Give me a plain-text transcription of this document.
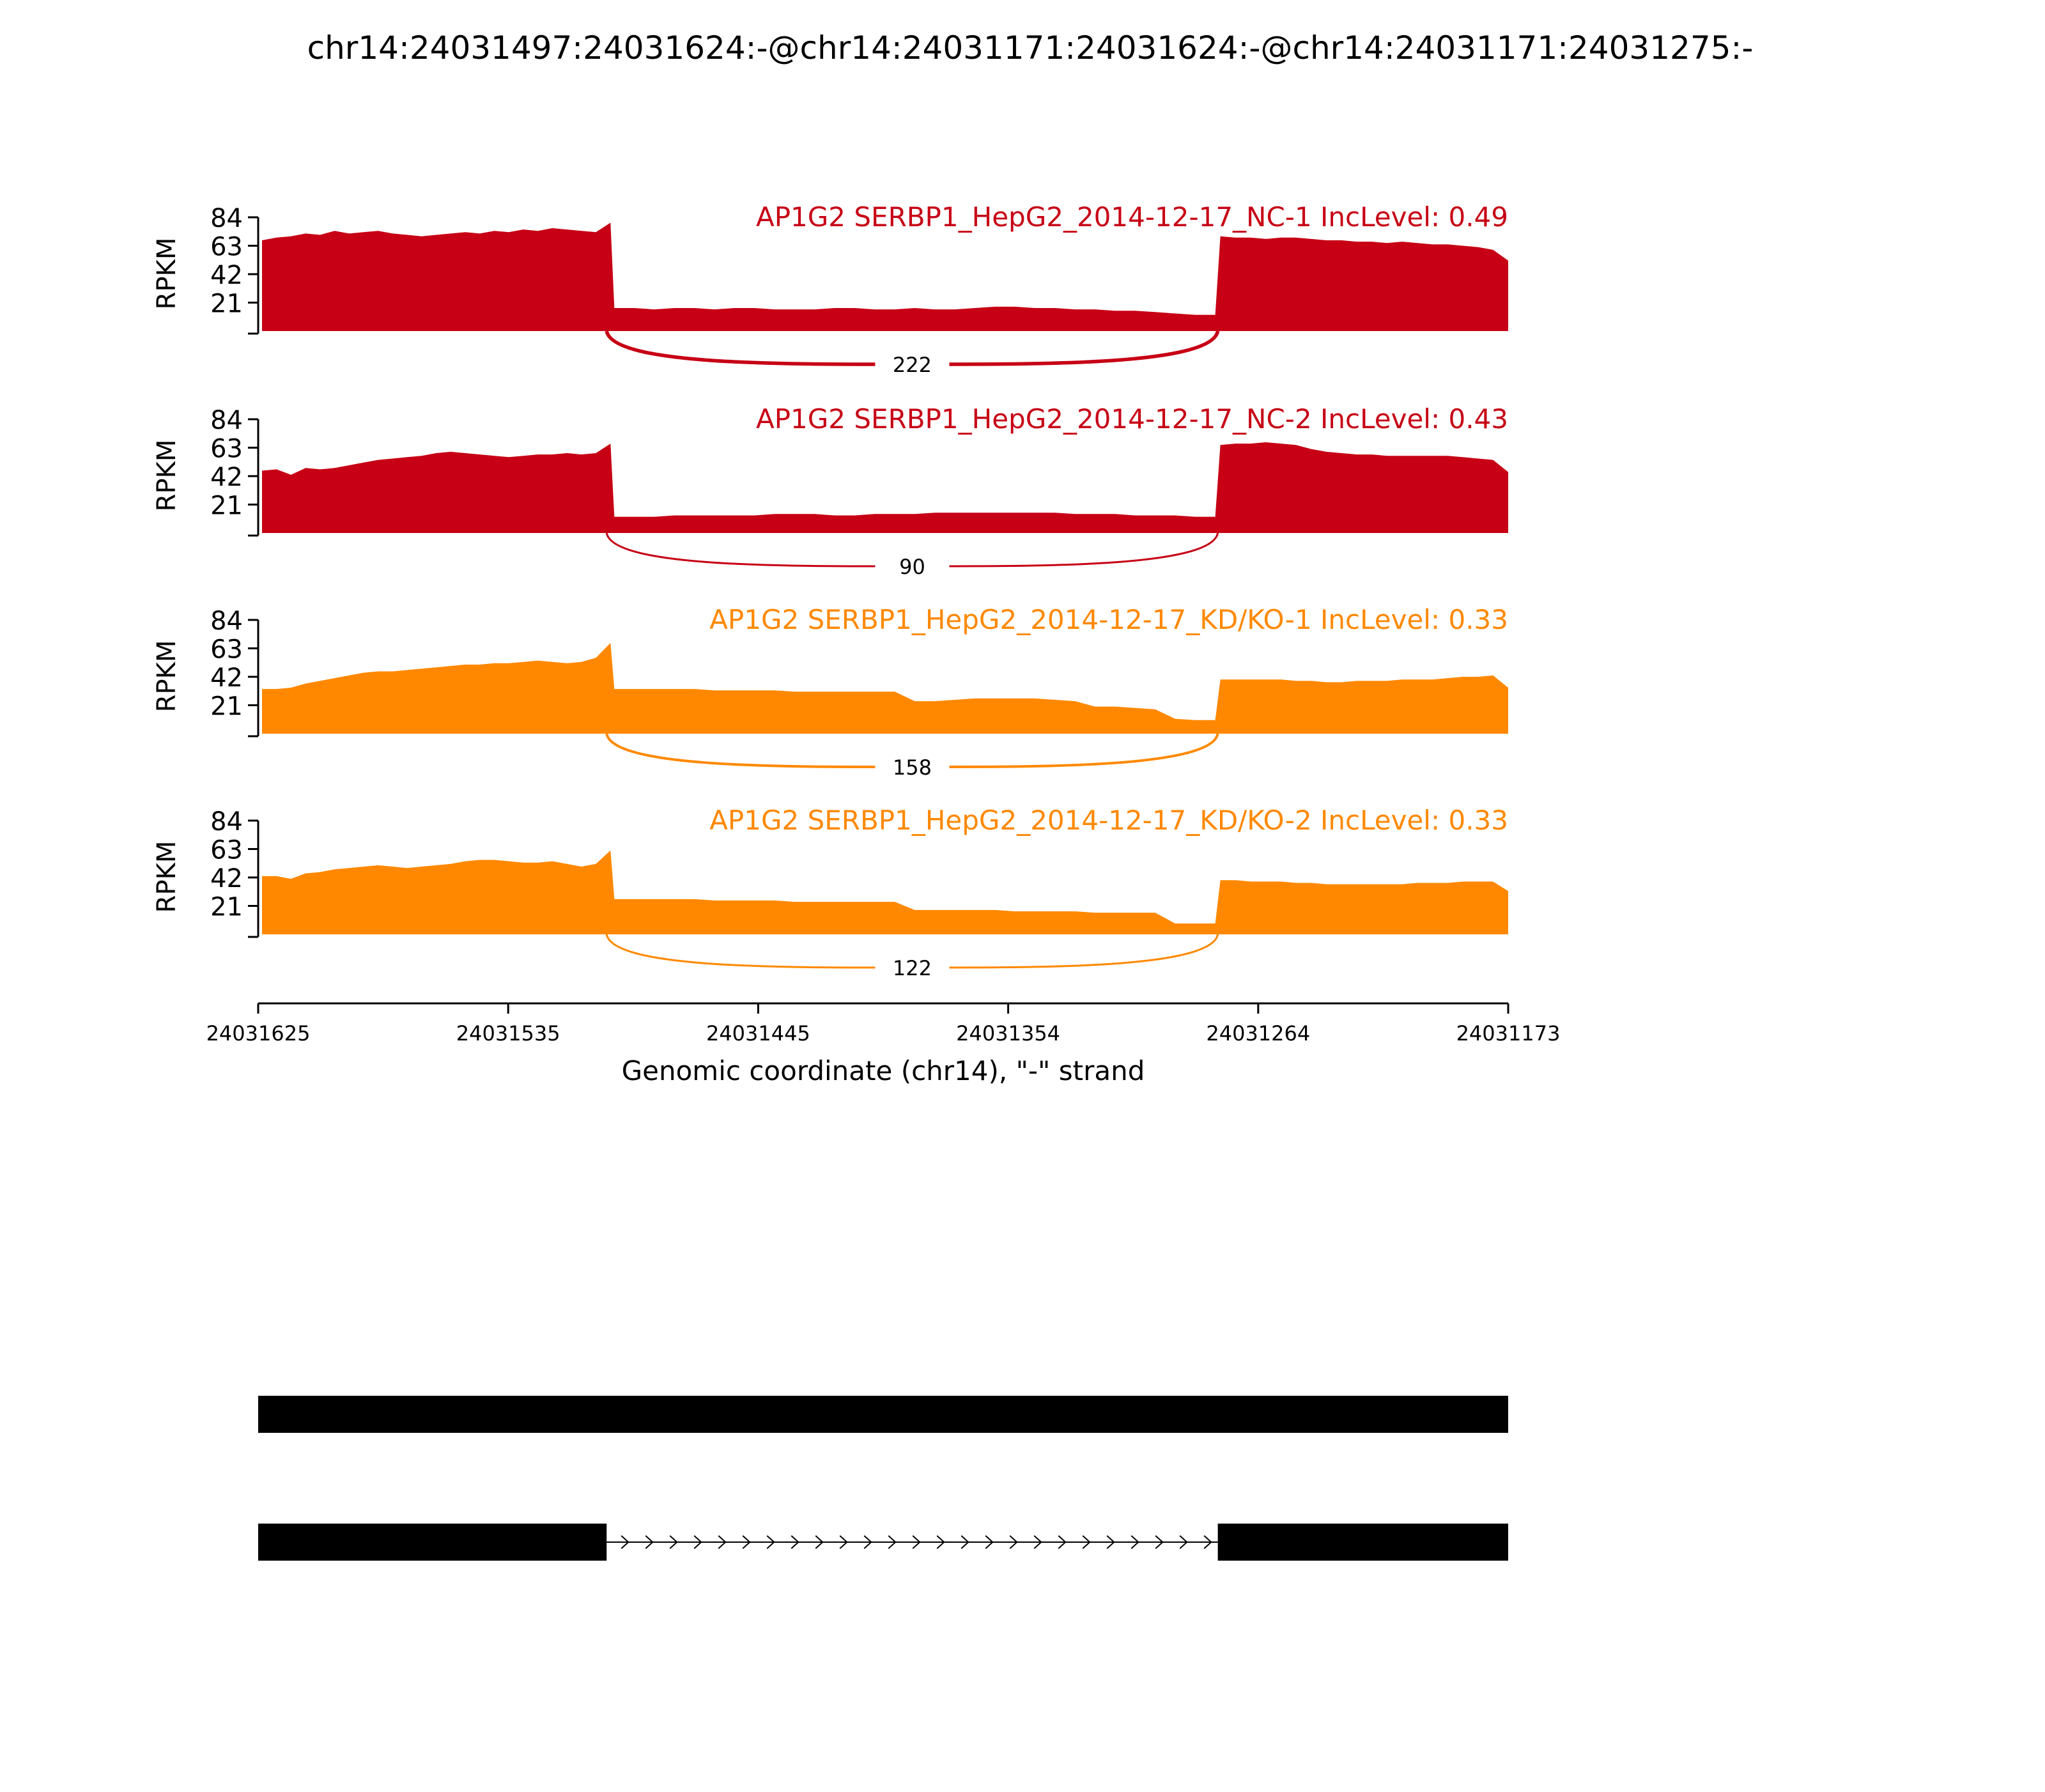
chr14:24031497:24031624:-@chr14:24031171:24031624:-@chr14:24031171:24031275:-
21
42
63
84
RPKM
AP1G2 SERBP1_HepG2_2014-12-17_NC-1 IncLevel: 0.49
222
21
42
63
84
RPKM
AP1G2 SERBP1_HepG2_2014-12-17_NC-2 IncLevel: 0.43
90
21
42
63
84
RPKM
AP1G2 SERBP1_HepG2_2014-12-17_KD/KO-1 IncLevel: 0.33
158
21
42
63
84
RPKM
AP1G2 SERBP1_HepG2_2014-12-17_KD/KO-2 IncLevel: 0.33
122
24031625	24031535	24031445	24031354	24031264	24031173
Genomic coordinate (chr14), "-" strand
